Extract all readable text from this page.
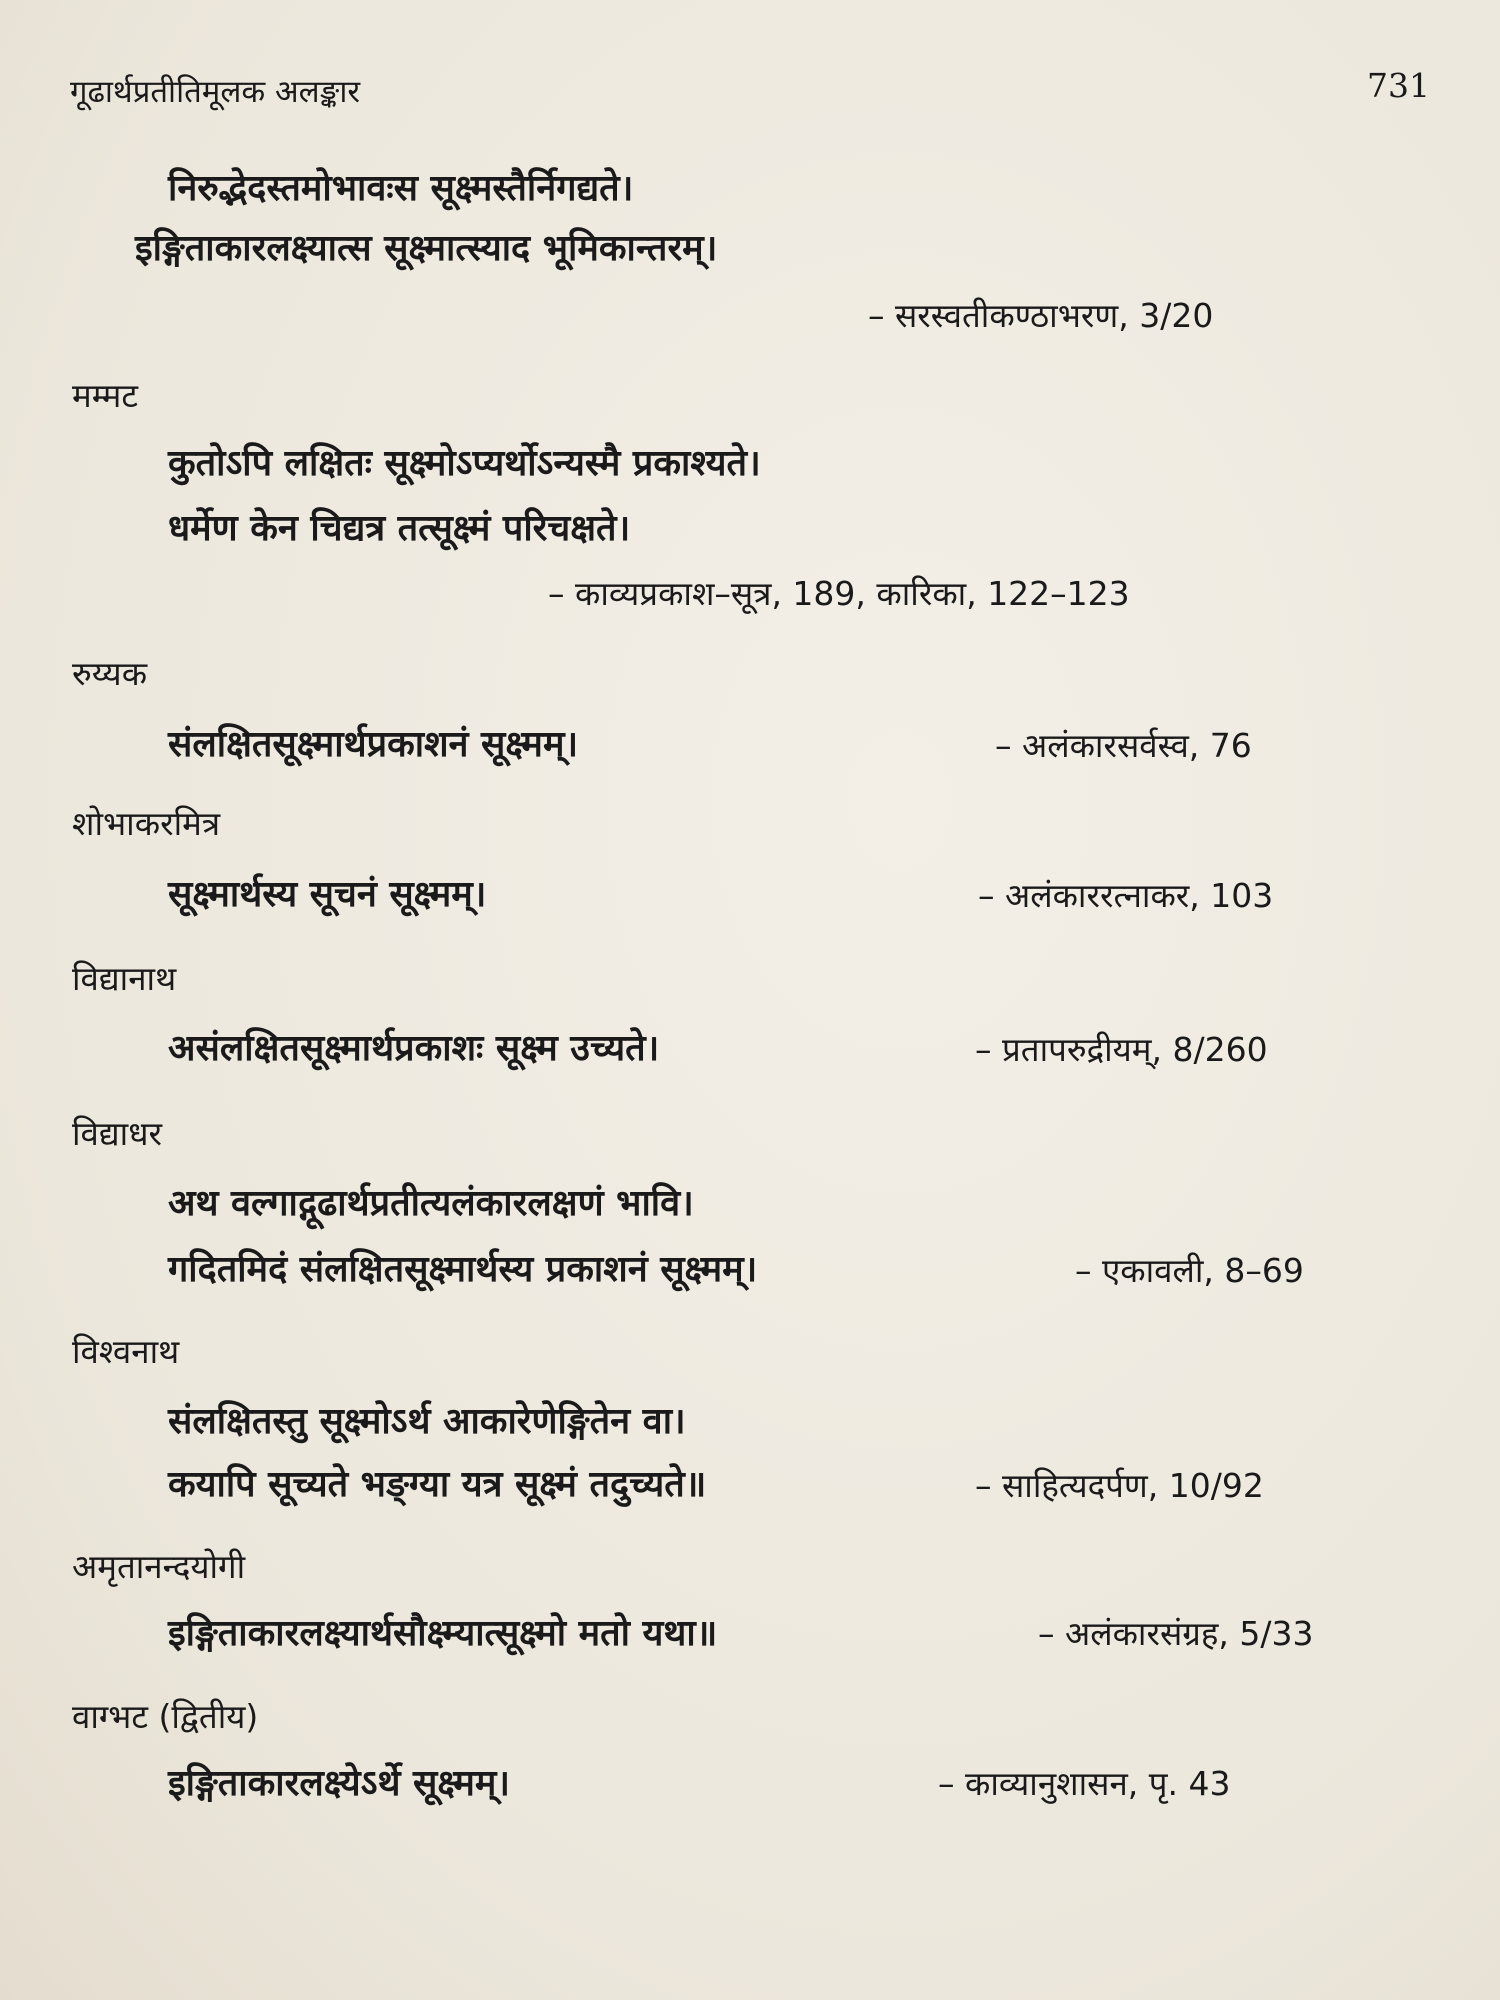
गूढार्थप्रतीतिमूलक अलङ्कार	731
निरुद्भेदस्तमोभावःस सूक्ष्मस्तैर्निगद्यते।
इङ्गिताकारलक्ष्यात्स सूक्ष्मात्स्याद भूमिकान्तरम्।
– सरस्वतीकण्ठाभरण, 3/20
मम्मट
कुतोऽपि लक्षितः सूक्ष्मोऽप्यर्थोऽन्यस्मै प्रकाश्यते।
धर्मेण केन चिद्यत्र तत्सूक्ष्मं परिचक्षते।
– काव्यप्रकाश–सूत्र, 189, कारिका, 122–123
रुय्यक
संलक्षितसूक्ष्मार्थप्रकाशनं सूक्ष्मम्।	– अलंकारसर्वस्व, 76
शोभाकरमित्र
सूक्ष्मार्थस्य सूचनं सूक्ष्मम्।	– अलंकाररत्नाकर, 103
विद्यानाथ
असंलक्षितसूक्ष्मार्थप्रकाशः सूक्ष्म उच्यते।	– प्रतापरुद्रीयम्, 8/260
विद्याधर
अथ वल्गाद्गूढार्थप्रतीत्यलंकारलक्षणं भावि।
गदितमिदं संलक्षितसूक्ष्मार्थस्य प्रकाशनं सूक्ष्मम्।	– एकावली, 8–69
विश्वनाथ
संलक्षितस्तु सूक्ष्मोऽर्थ आकारेणेङ्गितेन वा।
कयापि सूच्यते भङ्ग्या यत्र सूक्ष्मं तदुच्यते॥	– साहित्यदर्पण, 10/92
अमृतानन्दयोगी
इङ्गिताकारलक्ष्यार्थसौक्ष्म्यात्सूक्ष्मो मतो यथा॥	– अलंकारसंग्रह, 5/33
वाग्भट (द्वितीय)
इङ्गिताकारलक्ष्येऽर्थे सूक्ष्मम्।	– काव्यानुशासन, पृ. 43
